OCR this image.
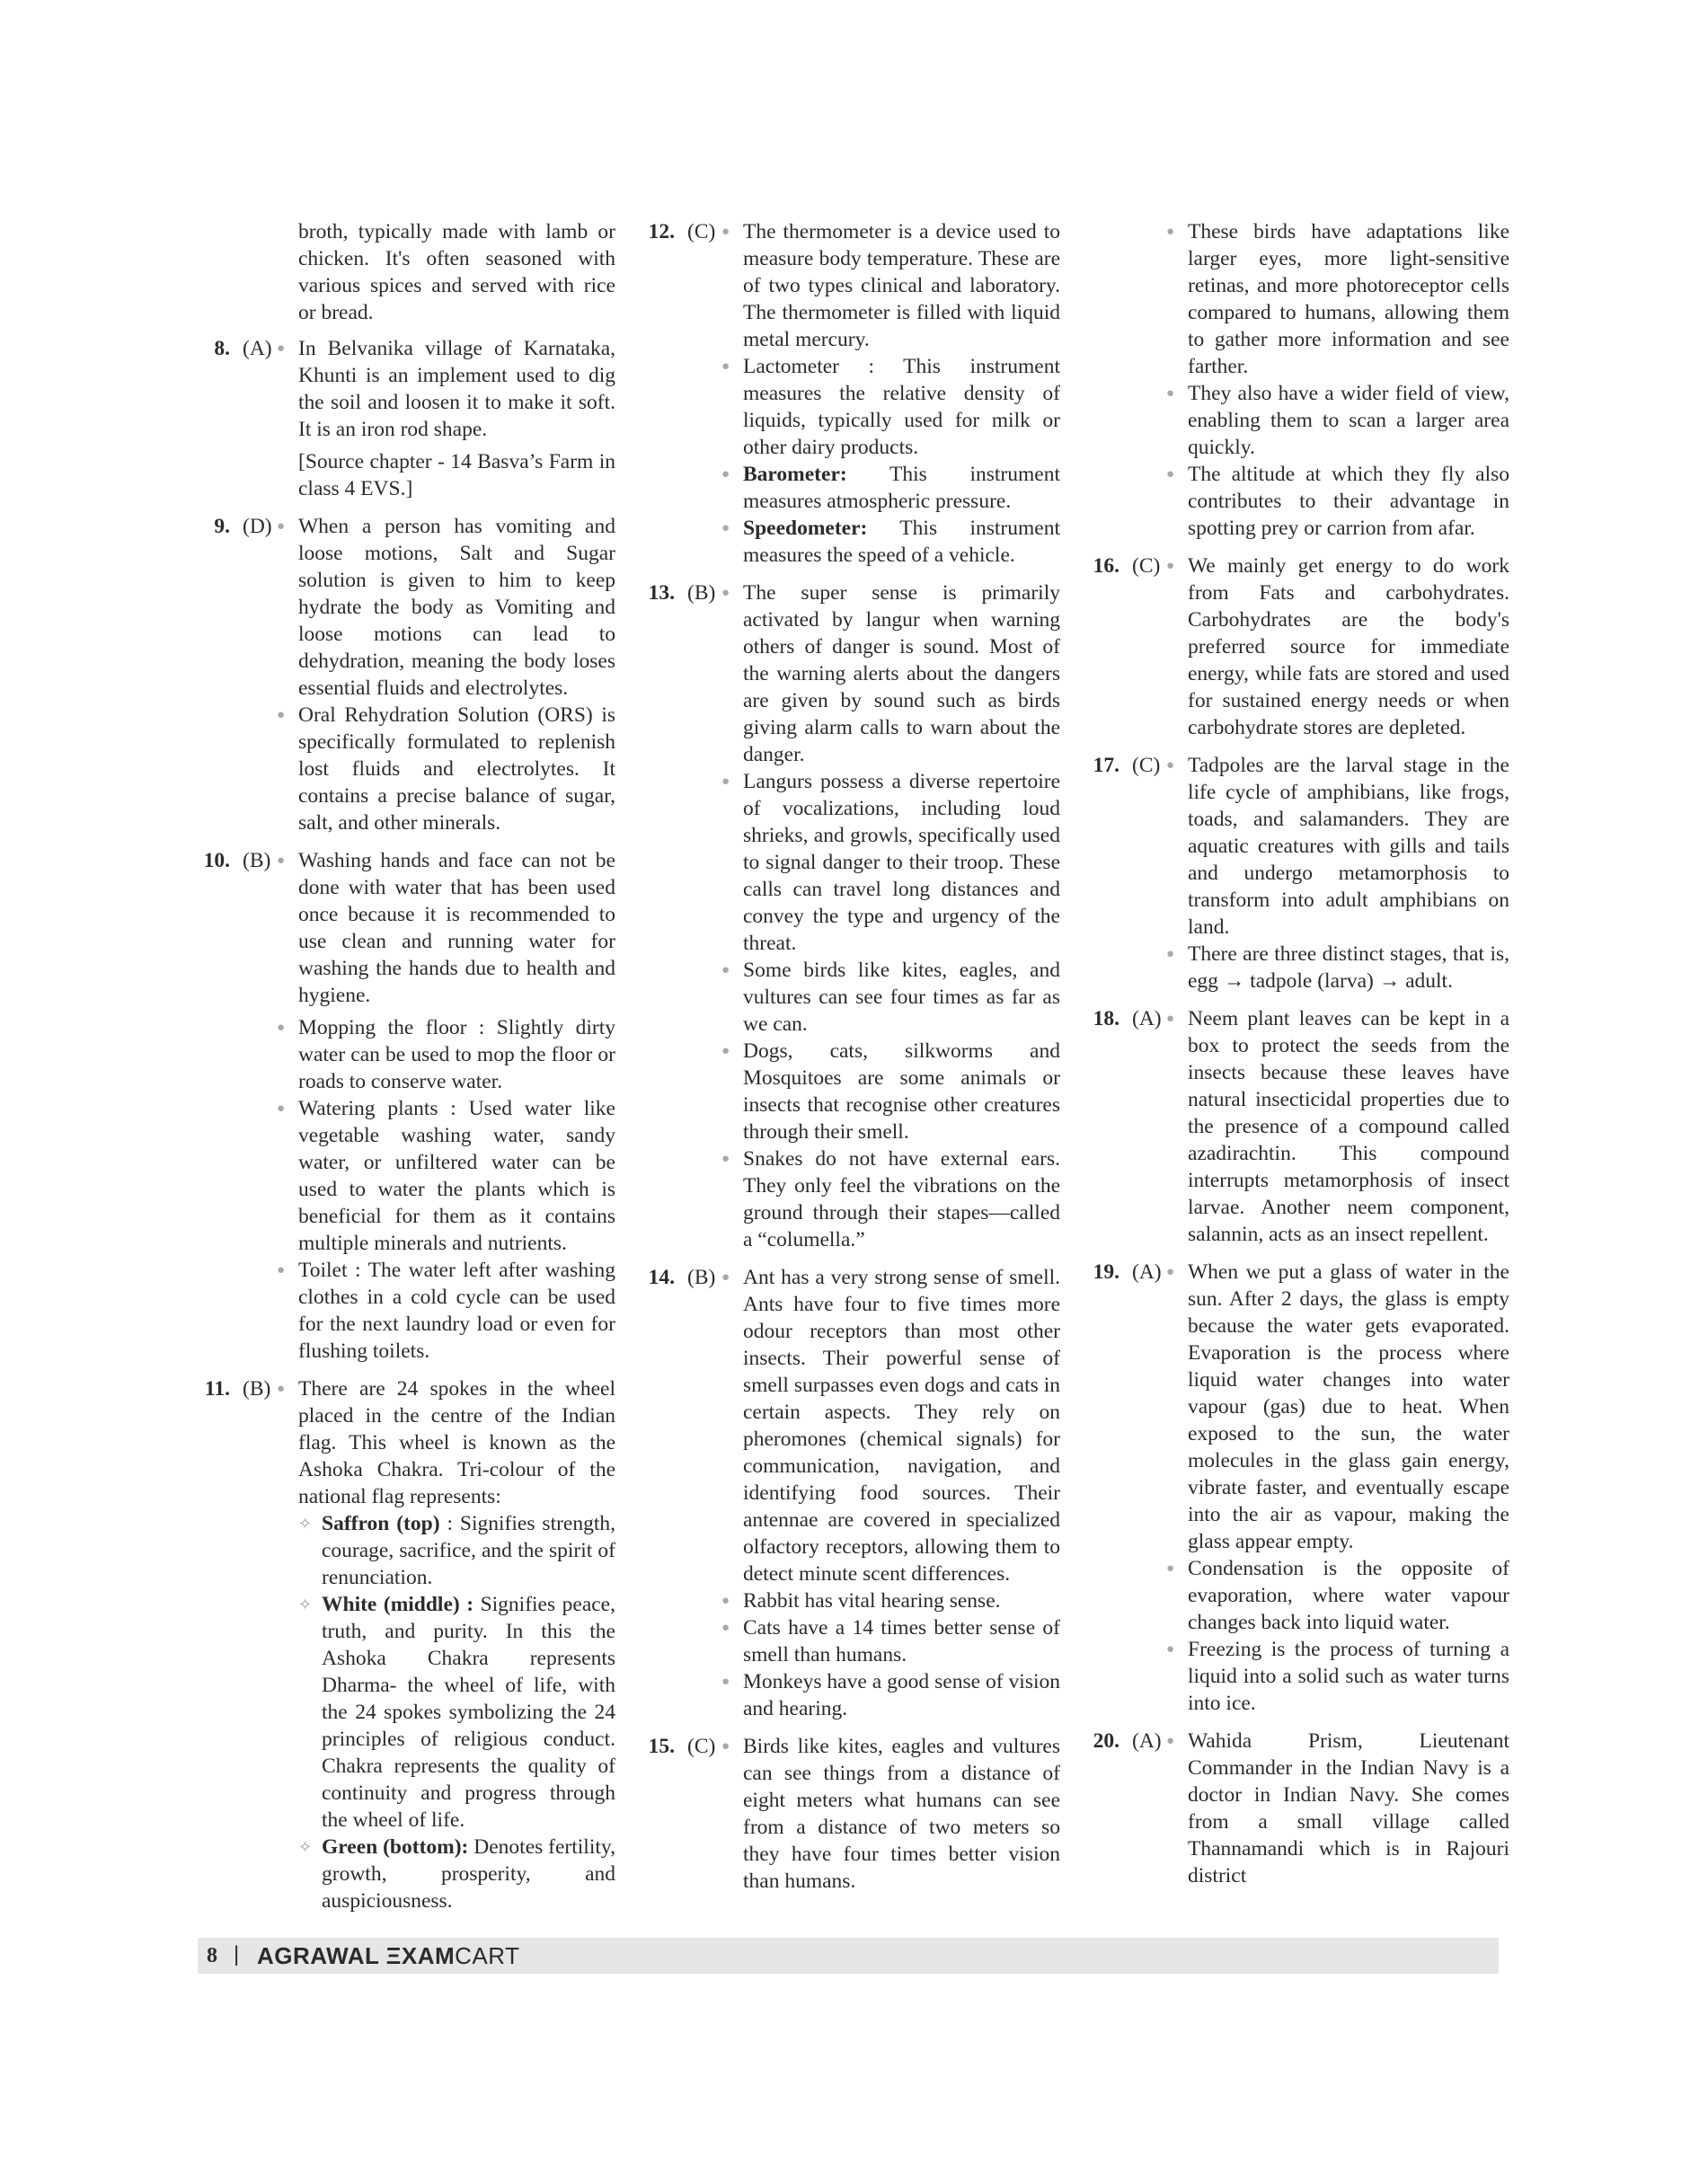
broth, typically made with lamb or chicken. It's often seasoned with various spices and served with rice or bread.
8. (A) ● In Belvanika village of Karnataka, Khunti is an implement used to dig the soil and loosen it to make it soft. It is an iron rod shape.
[Source chapter - 14 Basva’s Farm in class 4 EVS.]
9. (D) ● When a person has vomiting and loose motions, Salt and Sugar solution is given to him to keep hydrate the body as Vomiting and loose motions can lead to dehydration, meaning the body loses essential fluids and electrolytes.
● Oral Rehydration Solution (ORS) is specifically formulated to replenish lost fluids and electrolytes. It contains a precise balance of sugar, salt, and other minerals.
10. (B) ● Washing hands and face can not be done with water that has been used once because it is recommended to use clean and running water for washing the hands due to health and hygiene.
● Mopping the floor : Slightly dirty water can be used to mop the floor or roads to conserve water.
● Watering plants : Used water like vegetable washing water, sandy water, or unfiltered water can be used to water the plants which is beneficial for them as it contains multiple minerals and nutrients.
● Toilet : The water left after washing clothes in a cold cycle can be used for the next laundry load or even for flushing toilets.
11. (B) ● There are 24 spokes in the wheel placed in the centre of the Indian flag. This wheel is known as the Ashoka Chakra. Tri-colour of the national flag represents:
✧ Saffron (top) : Signifies strength, courage, sacrifice, and the spirit of renunciation.
✧ White (middle) : Signifies peace, truth, and purity. In this the Ashoka Chakra represents Dharma- the wheel of life, with the 24 spokes symbolizing the 24 principles of religious conduct. Chakra represents the quality of continuity and progress through the wheel of life.
✧ Green (bottom): Denotes fertility, growth, prosperity, and auspiciousness.
12. (C) ● The thermometer is a device used to measure body temperature. These are of two types clinical and laboratory. The thermometer is filled with liquid metal mercury.
● Lactometer : This instrument measures the relative density of liquids, typically used for milk or other dairy products.
● Barometer: This instrument measures atmospheric pressure.
● Speedometer: This instrument measures the speed of a vehicle.
13. (B) ● The super sense is primarily activated by langur when warning others of danger is sound. Most of the warning alerts about the dangers are given by sound such as birds giving alarm calls to warn about the danger.
● Langurs possess a diverse repertoire of vocalizations, including loud shrieks, and growls, specifically used to signal danger to their troop. These calls can travel long distances and convey the type and urgency of the threat.
● Some birds like kites, eagles, and vultures can see four times as far as we can.
● Dogs, cats, silkworms and Mosquitoes are some animals or insects that recognise other creatures through their smell.
● Snakes do not have external ears. They only feel the vibrations on the ground through their stapes—called a “columella.”
14. (B) ● Ant has a very strong sense of smell. Ants have four to five times more odour receptors than most other insects. Their powerful sense of smell surpasses even dogs and cats in certain aspects. They rely on pheromones (chemical signals) for communication, navigation, and identifying food sources. Their antennae are covered in specialized olfactory receptors, allowing them to detect minute scent differences.
● Rabbit has vital hearing sense.
● Cats have a 14 times better sense of smell than humans.
● Monkeys have a good sense of vision and hearing.
15. (C) ● Birds like kites, eagles and vultures can see things from a distance of eight meters what humans can see from a distance of two meters so they have four times better vision than humans.
● These birds have adaptations like larger eyes, more light-sensitive retinas, and more photoreceptor cells compared to humans, allowing them to gather more information and see farther.
● They also have a wider field of view, enabling them to scan a larger area quickly.
● The altitude at which they fly also contributes to their advantage in spotting prey or carrion from afar.
16. (C) ● We mainly get energy to do work from Fats and carbohydrates. Carbohydrates are the body's preferred source for immediate energy, while fats are stored and used for sustained energy needs or when carbohydrate stores are depleted.
17. (C) ● Tadpoles are the larval stage in the life cycle of amphibians, like frogs, toads, and salamanders. They are aquatic creatures with gills and tails and undergo metamorphosis to transform into adult amphibians on land.
● There are three distinct stages, that is, egg → tadpole (larva) → adult.
18. (A) ● Neem plant leaves can be kept in a box to protect the seeds from the insects because these leaves have natural insecticidal properties due to the presence of a compound called azadirachtin. This compound interrupts metamorphosis of insect larvae. Another neem component, salannin, acts as an insect repellent.
19. (A) ● When we put a glass of water in the sun. After 2 days, the glass is empty because the water gets evaporated. Evaporation is the process where liquid water changes into water vapour (gas) due to heat. When exposed to the sun, the water molecules in the glass gain energy, vibrate faster, and eventually escape into the air as vapour, making the glass appear empty.
● Condensation is the opposite of evaporation, where water vapour changes back into liquid water.
● Freezing is the process of turning a liquid into a solid such as water turns into ice.
20. (A) ● Wahida Prism, Lieutenant Commander in the Indian Navy is a doctor in Indian Navy. She comes from a small village called Thannamandi which is in Rajouri district
8 | AGRAWAL ΞXAMCART
